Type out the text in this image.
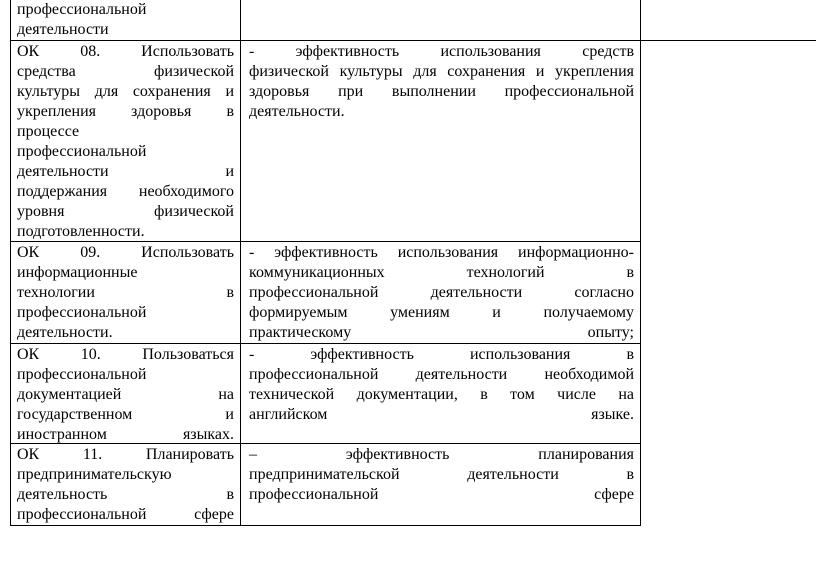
профессиональной
деятельности
ОК 08. Использовать
средства физической
культуры для сохранения и
укрепления здоровья в
процессе
профессиональной
деятельности и
поддержания необходимого
уровня физической
подготовленности.
- эффективность использования средств
физической культуры для сохранения и укрепления
здоровья при выполнении профессиональной
деятельности.
ОК 09. Использовать
информационные
технологии в
профессиональной
деятельности.
- эффективность использования информационно-
коммуникационных технологий в
профессиональной деятельности согласно
формируемым умениям и получаемому
практическому опыту;
ОК 10. Пользоваться
профессиональной
документацией на
государственном и
иностранном языках.
- эффективность использования в
профессиональной деятельности необходимой
технической документации, в том числе на
английском языке.
ОК 11. Планировать
предпринимательскую
деятельность в
профессиональной сфере
– эффективность планирования
предпринимательской деятельности в
профессиональной сфере
